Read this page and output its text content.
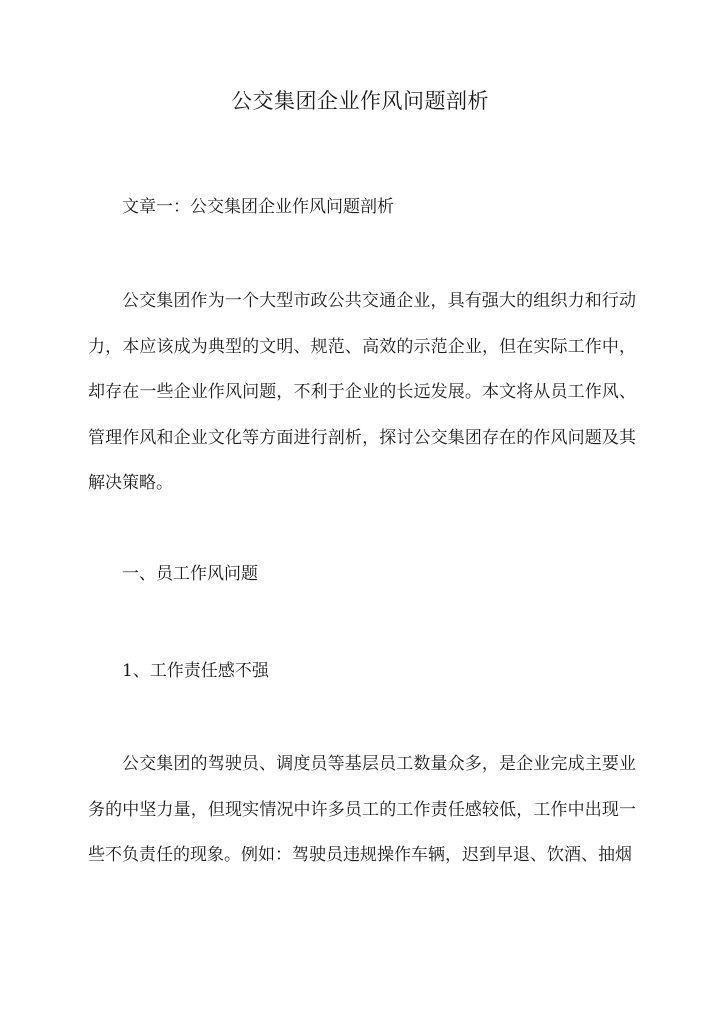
公交集团企业作风问题剖析

文章一：公交集团企业作风问题剖析

公交集团作为一个大型市政公共交通企业，具有强大的组织力和行动力，本应该成为典型的文明、规范、高效的示范企业，但在实际工作中，却存在一些企业作风问题，不利于企业的长远发展。本文将从员工作风、管理作风和企业文化等方面进行剖析，探讨公交集团存在的作风问题及其解决策略。

一、员工作风问题

1、工作责任感不强

公交集团的驾驶员、调度员等基层员工数量众多，是企业完成主要业务的中坚力量，但现实情况中许多员工的工作责任感较低，工作中出现一些不负责任的现象。例如：驾驶员违规操作车辆，迟到早退、饮酒、抽烟
